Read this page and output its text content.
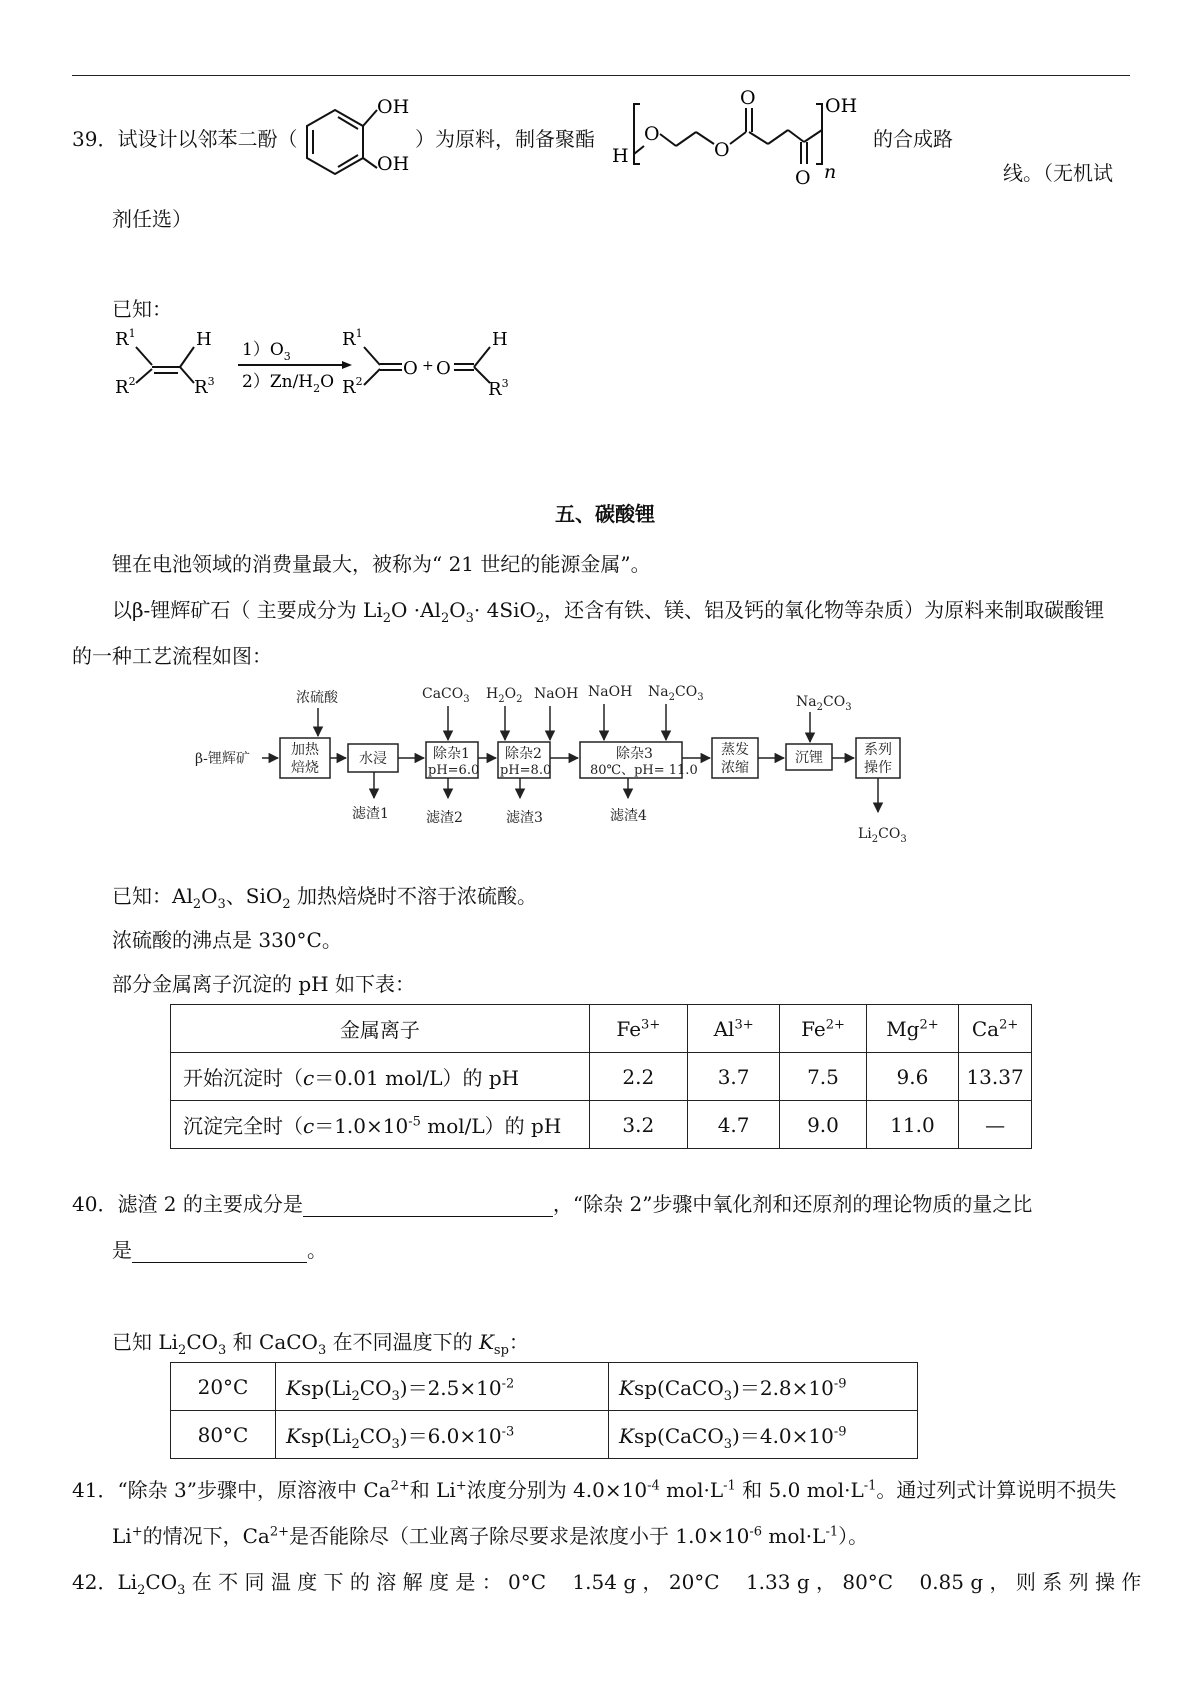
39．试设计以邻苯二酚（
OH
OH
）为原料，制备聚酯
H
O
O
O
O
OH
n
的合成路
线。（无机试
剂任选）
已知：
$R^1$
$R^2$
H
$R^3$
$1)O_3$
$2)Zn/H_2O$
$R^1$
$R^2$
O + O
H
$R^3$
五、碳酸锂
锂在电池领域的消费量最大，被称为“ 21 世纪的能源金属”。
以β-锂辉矿石（ 主要成分为 $Li_2O \cdot Al_2O_3\cdot 4SiO_2$，还含有铁、镁、铝及钙的氧化物等杂质）为原料来制取碳酸锂
的一种工艺流程如图：
β-锂辉矿
浓硫酸
加热
焙烧
水浸
滤渣1
CaCO$_3$
除杂1
pH=6.0
滤渣2
$H_2O_2$ NaOH
除杂2
pH=8.0
滤渣3
NaOH $Na_2CO_3$
除杂3
80℃、pH= 11.0
滤渣4
蒸发
浓缩
$Na_2CO_3$
沉锂	系列
操作
$Li_2CO_3$
已知：$Al_2O_3$、SiO$_2$ 加热焙烧时不溶于浓硫酸。
浓硫酸的沸点是 330°C。
部分金属离子沉淀的 pH 如下表：
金属离子	$Fe^{3+}$	$Al^{3+}$	$Fe^{2+}$	$Mg^{2+}$	$Ca^{2+}$
开始沉淀时（c＝0.01 mol/L）的 pH	2.2	3.7	7.5	9.6	13.37
沉淀完全时（$c=1.0\times 10^{-5}$ mol/L）的 pH	3.2	4.7	9.0	11.0	—
40．滤渣 2 的主要成分是	，“除杂 2”步骤中氧化剂和还原剂的理论物质的量之比
是	。
已知 $Li_2CO_3$ 和 CaCO$_3$ 在不同温度下的 $K_{sp}$：
20°C	$Ksp(Li_2CO_3)=2.5\times 10^{-2}$	$Ksp(CaCO_3)=2.8\times 10^{-9}$
80°C	$Ksp(Li_2CO_3)=6.0\times 10^{-3}$	$Ksp(CaCO_3)=4.0\times 10^{-9}$
41．“除杂 3”步骤中，原溶液中 $Ca^{2+}$和 Li+浓度分别为 $4.0\times 10^{-4}$ $mol\cdot L^{-1}$ 和 5.0 $mol\cdot L^{-1}$。通过列式计算说明不损失
Li+的情况下，$Ca^{2+}$是否能除尽（工业离子除尽要求是浓度小于 $1.0\times 10^{-6}$ $mol\cdot L^{-1}$）。
42．$Li_2CO_3$ 在 不 同 温 度 下 的 溶 解 度 是 ： 0°C　 1.54 g ， 20°C　 1.33 g ， 80°C　 0.85 g ， 则 系 列 操 作
